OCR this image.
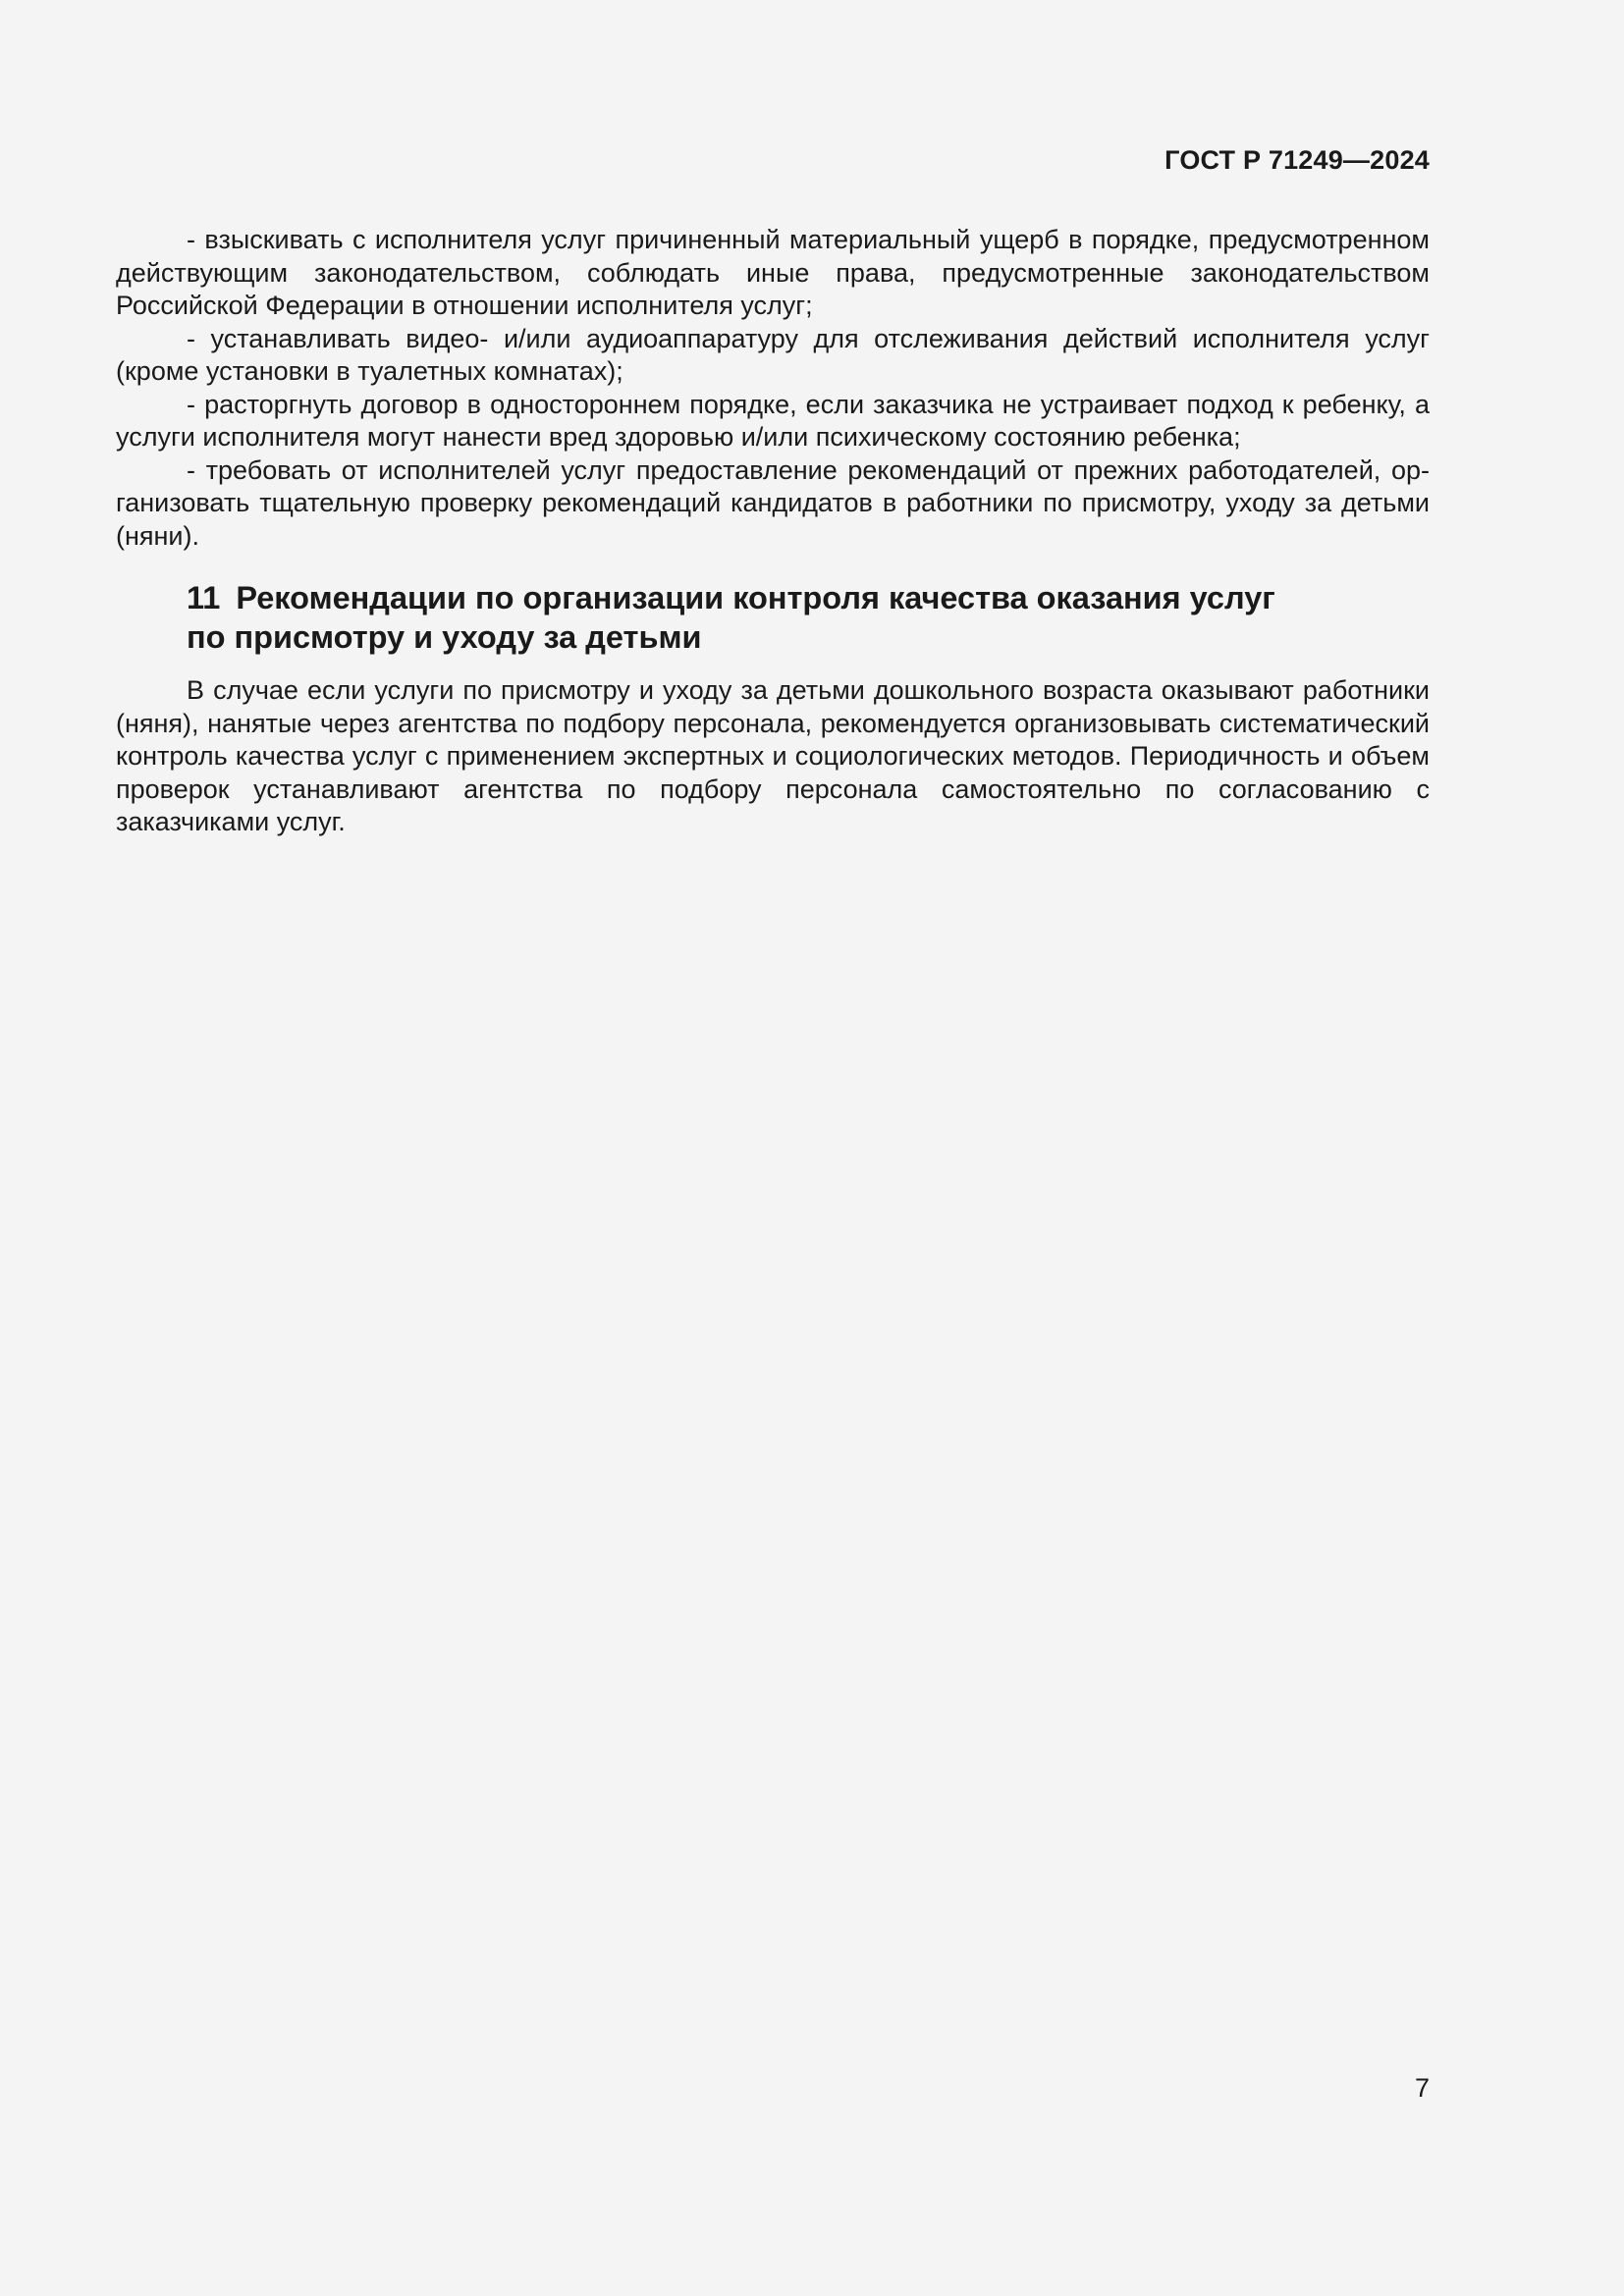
ГОСТ Р 71249—2024

- взыскивать с исполнителя услуг причиненный материальный ущерб в порядке, предусмотренном действующим законодательством, соблюдать иные права, предусмотренные законодательством Российской Федерации в отношении исполнителя услуг;

- устанавливать видео- и/или аудиоаппаратуру для отслеживания действий исполнителя услуг (кроме установки в туалетных комнатах);

- расторгнуть договор в одностороннем порядке, если заказчика не устраивает подход к ребенку, а услуги исполнителя могут нанести вред здоровью и/или психическому состоянию ребенка;

- требовать от исполнителей услуг предоставление рекомендаций от прежних работодателей, организовать тщательную проверку рекомендаций кандидатов в работники по присмотру, уходу за детьми (няни).

11 Рекомендации по организации контроля качества оказания услуг
по присмотру и уходу за детьми

В случае если услуги по присмотру и уходу за детьми дошкольного возраста оказывают работники (няня), нанятые через агентства по подбору персонала, рекомендуется организовывать систематический контроль качества услуг с применением экспертных и социологических методов. Периодичность и объем проверок устанавливают агентства по подбору персонала самостоятельно по согласованию с заказчиками услуг.

7
